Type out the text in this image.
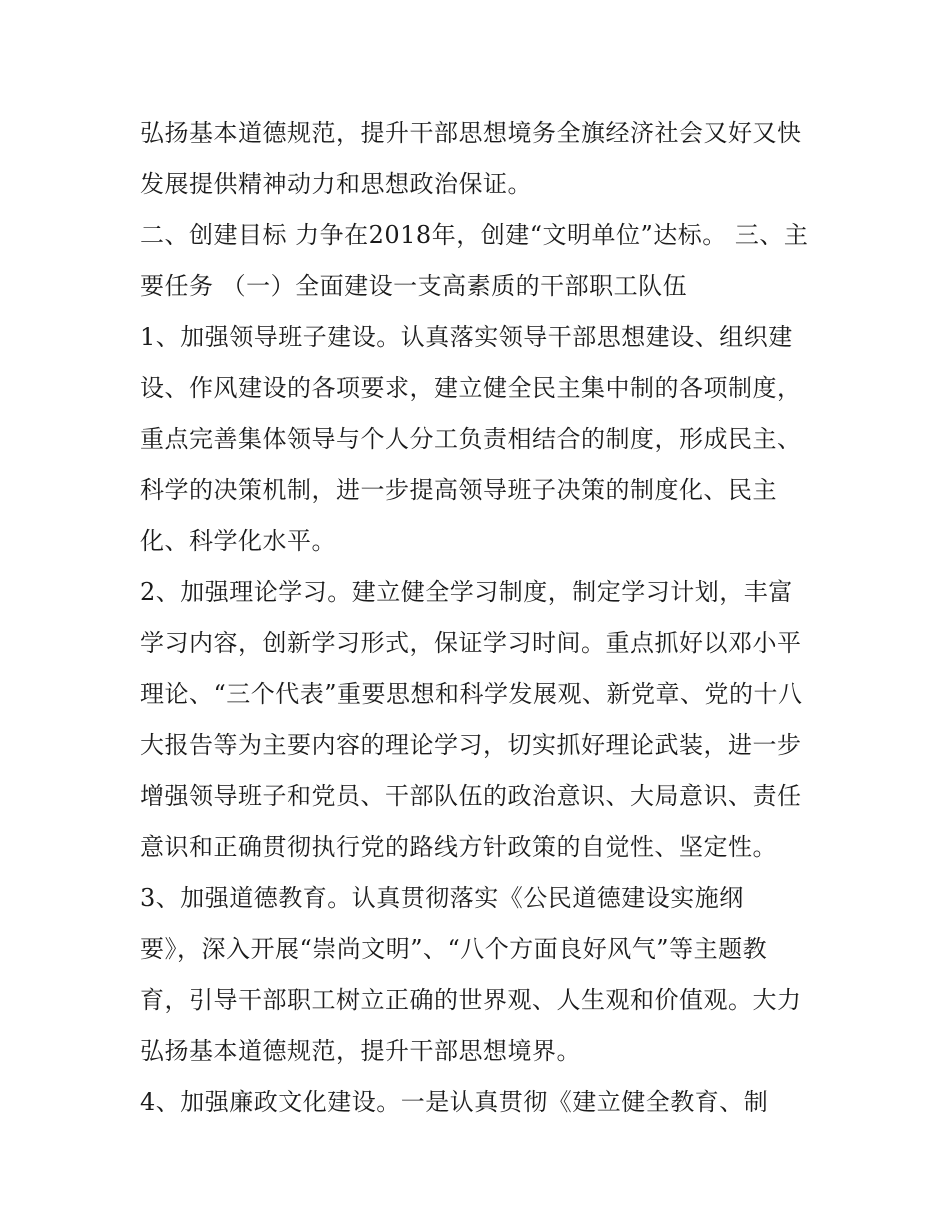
弘扬基本道德规范，提升干部思想境务全旗经济社会又好又快
发展提供精神动力和思想政治保证。
二、创建目标 力争在2018年，创建“文明单位”达标。 三、主
要任务 （一）全面建设一支高素质的干部职工队伍
1、加强领导班子建设。认真落实领导干部思想建设、组织建
设、作风建设的各项要求，建立健全民主集中制的各项制度，
重点完善集体领导与个人分工负责相结合的制度，形成民主、
科学的决策机制，进一步提高领导班子决策的制度化、民主
化、科学化水平。
2、加强理论学习。建立健全学习制度，制定学习计划，丰富
学习内容，创新学习形式，保证学习时间。重点抓好以邓小平
理论、“三个代表”重要思想和科学发展观、新党章、党的十八
大报告等为主要内容的理论学习，切实抓好理论武装，进一步
增强领导班子和党员、干部队伍的政治意识、大局意识、责任
意识和正确贯彻执行党的路线方针政策的自觉性、坚定性。
3、加强道德教育。认真贯彻落实《公民道德建设实施纲
要》，深入开展“崇尚文明”、“八个方面良好风气”等主题教
育，引导干部职工树立正确的世界观、人生观和价值观。大力
弘扬基本道德规范，提升干部思想境界。
4、加强廉政文化建设。一是认真贯彻《建立健全教育、制
